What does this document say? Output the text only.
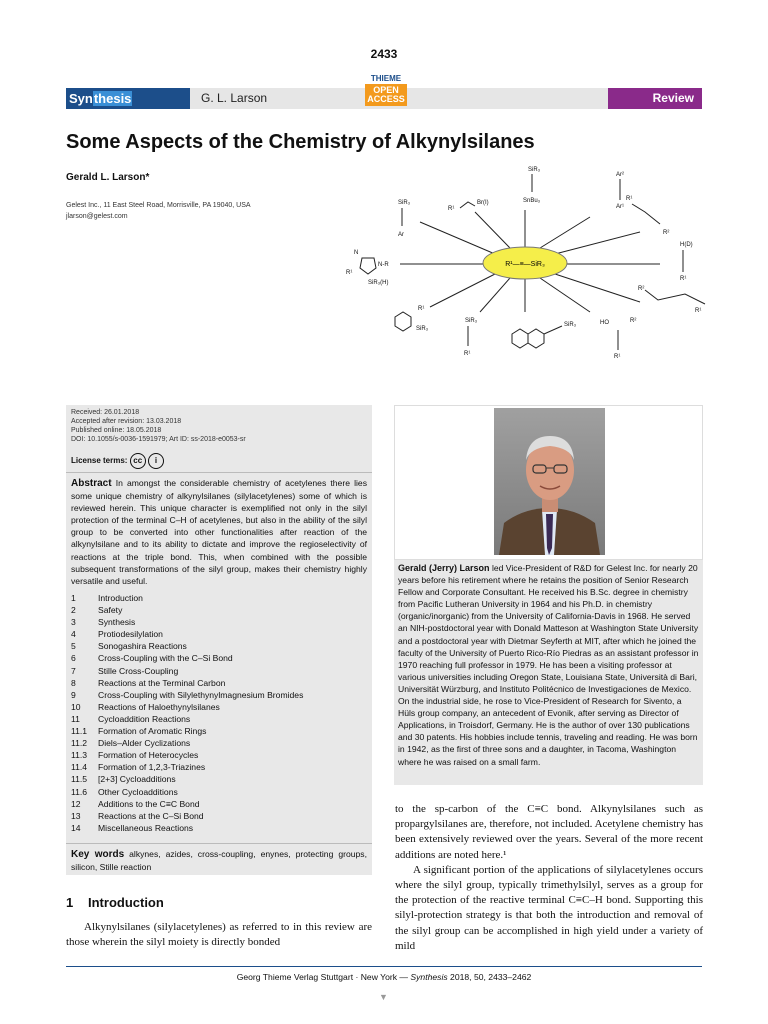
2433
Synthesis	G. L. Larson
THIEME
OPEN
ACCESS	Review
Some Aspects of the Chemistry of Alkynylsilanes
Gerald L. Larson*
Gelest Inc., 11 East Steel Road, Morrisville, PA 19040, USA
jlarson@gelest.com
R¹—≡—SiR₃
SiR₃
SnBu₃
Ar²
Ar¹
R¹
R²
H(D)
R¹
R²
R¹
HO	R²
R¹
SiR₃
SiR₃
R¹
R¹
SiR₃
N
N-R
R¹
SiR₃(H)
SiR₃
Ar
Br(I)
R¹
Received: 26.01.2018
Accepted after revision: 13.03.2018
Published online: 18.05.2018
DOI: 10.1055/s-0036-1591979; Art ID: ss-2018-e0053-sr
License terms: cc i
Abstract In amongst the considerable chemistry of acetylenes there lies some unique chemistry of alkynylsilanes (silylacetylenes) some of which is reviewed herein. This unique character is exemplified not only in the silyl protection of the terminal C–H of acetylenes, but also in the ability of the silyl group to be converted into other functionalities after reaction of the alkynylsilane and to its ability to dictate and improve the regioselectivity of reactions at the triple bond. This, when combined with the possible subsequent transformations of the silyl group, makes their chemistry highly versatile and useful.
1	Introduction
2	Safety
3	Synthesis
4	Protiodesilylation
5	Sonogashira Reactions
6	Cross-Coupling with the C–Si Bond
7	Stille Cross-Coupling
8	Reactions at the Terminal Carbon
9	Cross-Coupling with Silylethynylmagnesium Bromides
10	Reactions of Haloethynylsilanes
11	Cycloaddition Reactions
11.1	Formation of Aromatic Rings
11.2	Diels–Alder Cyclizations
11.3	Formation of Heterocycles
11.4	Formation of 1,2,3-Triazines
11.5	[2+3] Cycloadditions
11.6	Other Cycloadditions
12	Additions to the C≡C Bond
13	Reactions at the C–Si Bond
14	Miscellaneous Reactions
Key words alkynes, azides, cross-coupling, enynes, protecting groups, silicon, Stille reaction
Gerald (Jerry) Larson led Vice-President of R&D for Gelest Inc. for nearly 20 years before his retirement where he retains the position of Senior Research Fellow and Corporate Consultant. He received his B.Sc. degree in chemistry from Pacific Lutheran University in 1964 and his Ph.D. in chemistry (organic/inorganic) from the University of California-Davis in 1968. He served an NIH-postdoctoral year with Donald Matteson at Washington State University and a postdoctoral year with Dietmar Seyferth at MIT, after which he joined the faculty of the University of Puerto Rico-Río Piedras as an assistant professor in 1970 reaching full professor in 1979. He has been a visiting professor at various universities including Oregon State, Louisiana State, Università di Bari, Universität Würzburg, and Instituto Politécnico de Investigaciones de Mexico. On the industrial side, he rose to Vice-President of Research for Sivento, a Hüls group company, an antecedent of Evonik, after serving as Director of Applications, in Troisdorf, Germany. He is the author of over 130 publications and 30 patents. His hobbies include tennis, traveling and reading. He was born in 1942, as the first of three sons and a daughter, in Tacoma, Washington where he was raised on a small farm.
1 Introduction
Alkynylsilanes (silylacetylenes) as referred to in this review are those wherein the silyl moiety is directly bonded

to the sp-carbon of the C≡C bond. Alkynylsilanes such as propargylsilanes are, therefore, not included. Acetylene chemistry has been extensively reviewed over the years. Several of the more recent additions are noted here.¹

A significant portion of the applications of silylacetylenes occurs where the silyl group, typically trimethylsilyl, serves as a group for the protection of the reactive terminal C≡C–H bond. Supporting this silyl-protection strategy is that both the introduction and removal of the silyl group can be accomplished in high yield under a variety of mild

Georg Thieme Verlag Stuttgart · New York — Synthesis 2018, 50, 2433–2462
▼
